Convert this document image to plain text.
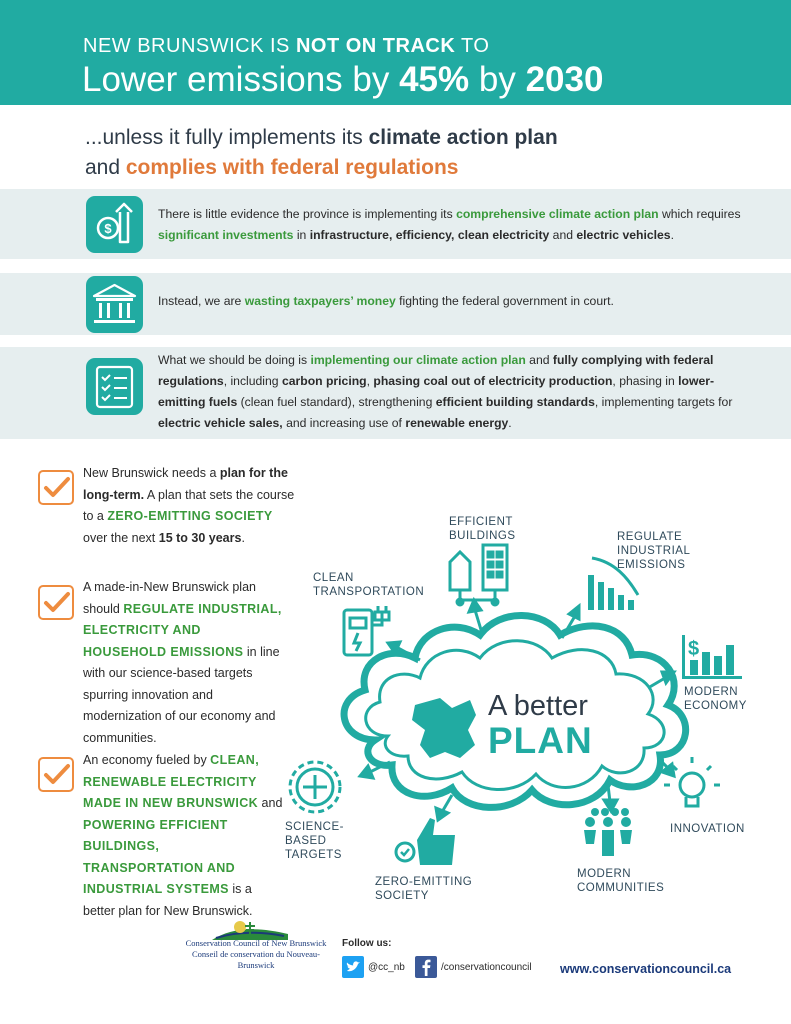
NEW BRUNSWICK IS NOT ON TRACK TO
Lower emissions by 45% by 2030
...unless it fully implements its climate action plan
and complies with federal regulations
$
There is little evidence the province is implementing its comprehensive climate action plan which requires significant investments in infrastructure, efficiency, clean electricity and electric vehicles.
Instead, we are wasting taxpayers’ money fighting the federal government in court.
What we should be doing is implementing our climate action plan and fully complying with federal regulations, including carbon pricing, phasing coal out of electricity production, phasing in lower-emitting fuels (clean fuel standard), strengthening efficient building standards, implementing targets for electric vehicle sales, and increasing use of renewable energy.
New Brunswick needs a plan for the long-term. A plan that sets the course to a ZERO-EMITTING SOCIETY over the next 15 to 30 years.
A made-in-New Brunswick plan should REGULATE INDUSTRIAL, ELECTRICITY AND HOUSEHOLD EMISSIONS in line with our science-based targets spurring innovation and modernization of our economy and communities.
An economy fueled by CLEAN, RENEWABLE ELECTRICITY MADE IN NEW BRUNSWICK and POWERING EFFICIENT BUILDINGS, TRANSPORTATION AND INDUSTRIAL SYSTEMS is a better plan for New Brunswick.
$
A better
PLAN
EFFICIENT BUILDINGS	REGULATE INDUSTRIAL EMISSIONS
CLEAN TRANSPORTATION
MODERN ECONOMY
INNOVATION
MODERN COMMUNITIES
ZERO-EMITTING SOCIETY
SCIENCE-BASED TARGETS
Conservation Council of New Brunswick
Conseil de conservation du Nouveau-Brunswick
Follow us:
@cc_nb	/conservationcouncil www.conservationcouncil.ca
